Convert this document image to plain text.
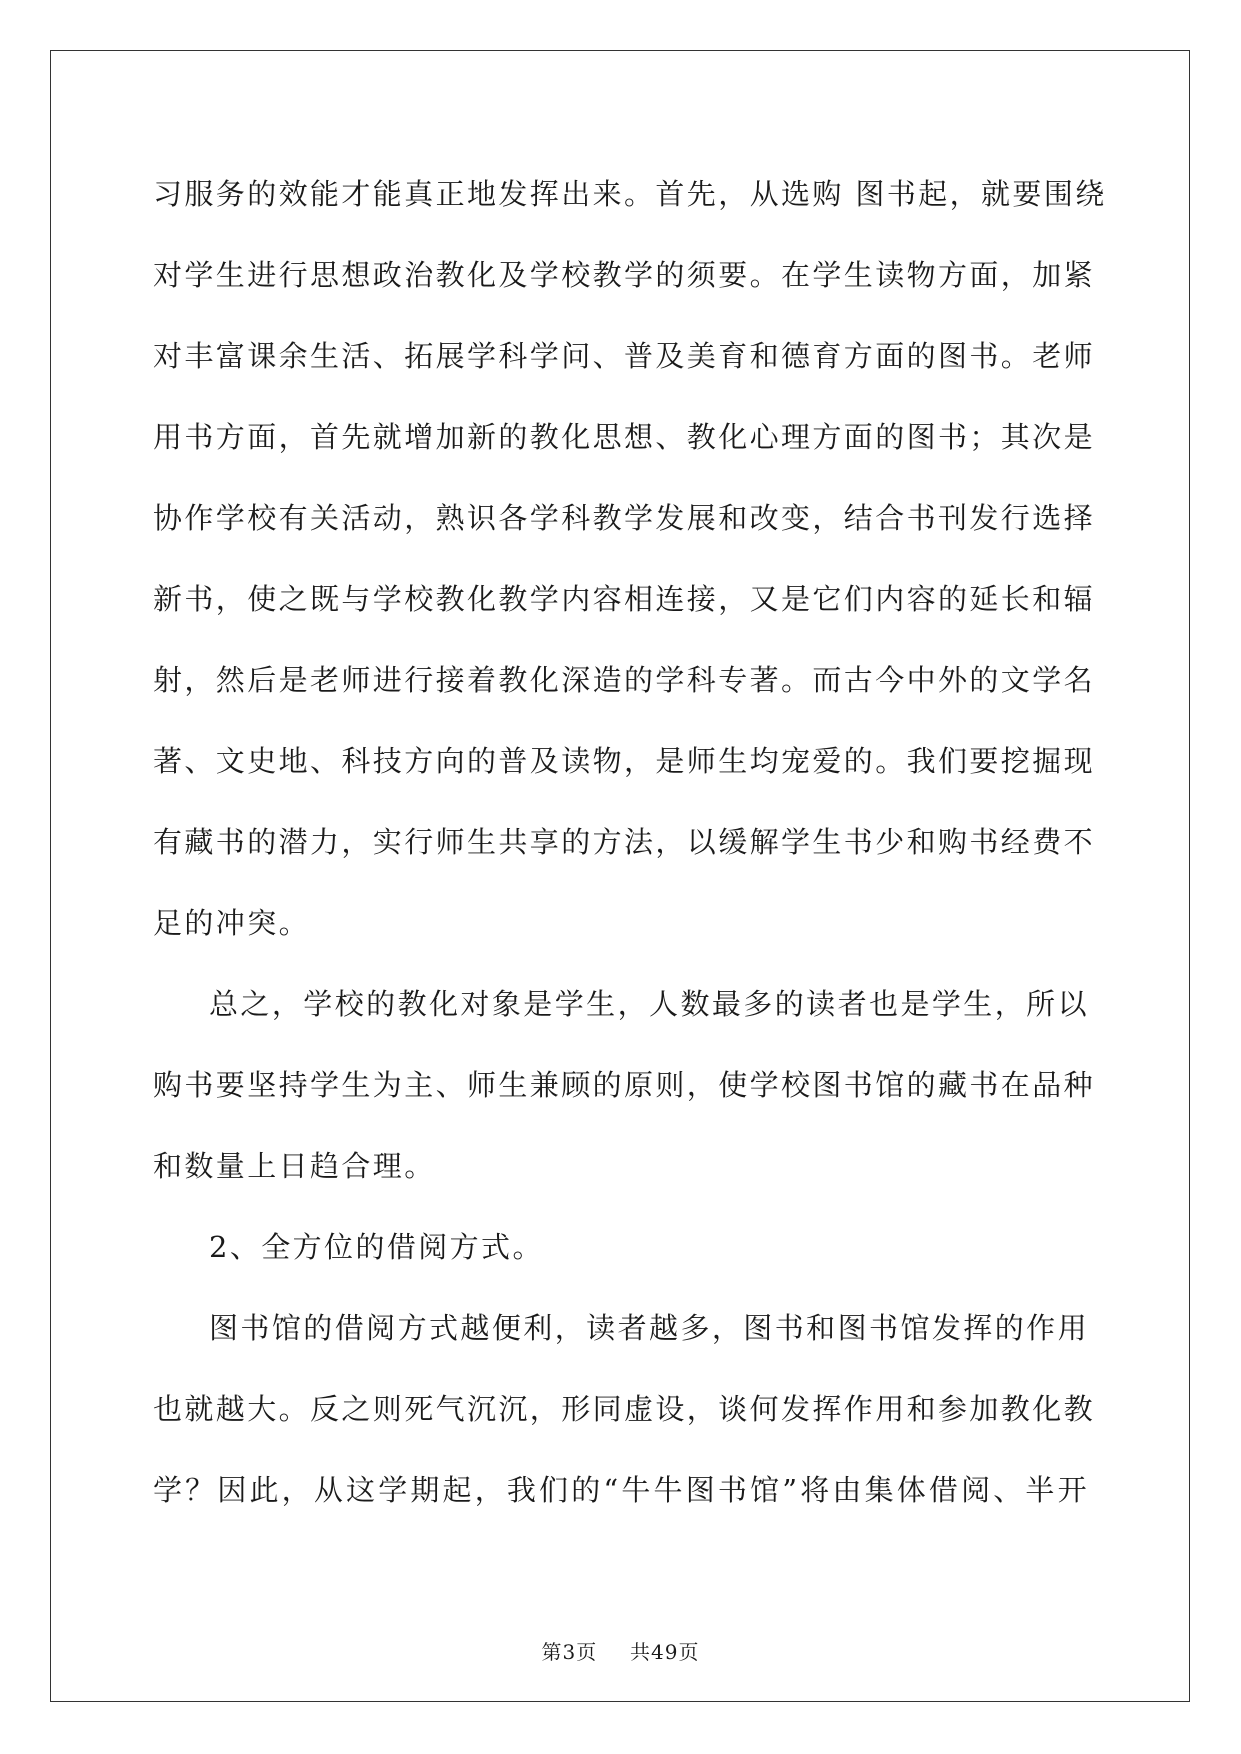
习服务的效能才能真正地发挥出来。首先，从选购 图书起，就要围绕
对学生进行思想政治教化及学校教学的须要。在学生读物方面，加紧
对丰富课余生活、拓展学科学问、普及美育和德育方面的图书。老师
用书方面，首先就增加新的教化思想、教化心理方面的图书；其次是
协作学校有关活动，熟识各学科教学发展和改变，结合书刊发行选择
新书，使之既与学校教化教学内容相连接，又是它们内容的延长和辐
射，然后是老师进行接着教化深造的学科专著。而古今中外的文学名
著、文史地、科技方向的普及读物，是师生均宠爱的。我们要挖掘现
有藏书的潜力，实行师生共享的方法，以缓解学生书少和购书经费不
足的冲突。

总之，学校的教化对象是学生，人数最多的读者也是学生，所以
购书要坚持学生为主、师生兼顾的原则，使学校图书馆的藏书在品种
和数量上日趋合理。

2、全方位的借阅方式。

图书馆的借阅方式越便利，读者越多，图书和图书馆发挥的作用
也就越大。反之则死气沉沉，形同虚设，谈何发挥作用和参加教化教
学？因此，从这学期起，我们的“牛牛图书馆”将由集体借阅、半开

第3页 共49页
